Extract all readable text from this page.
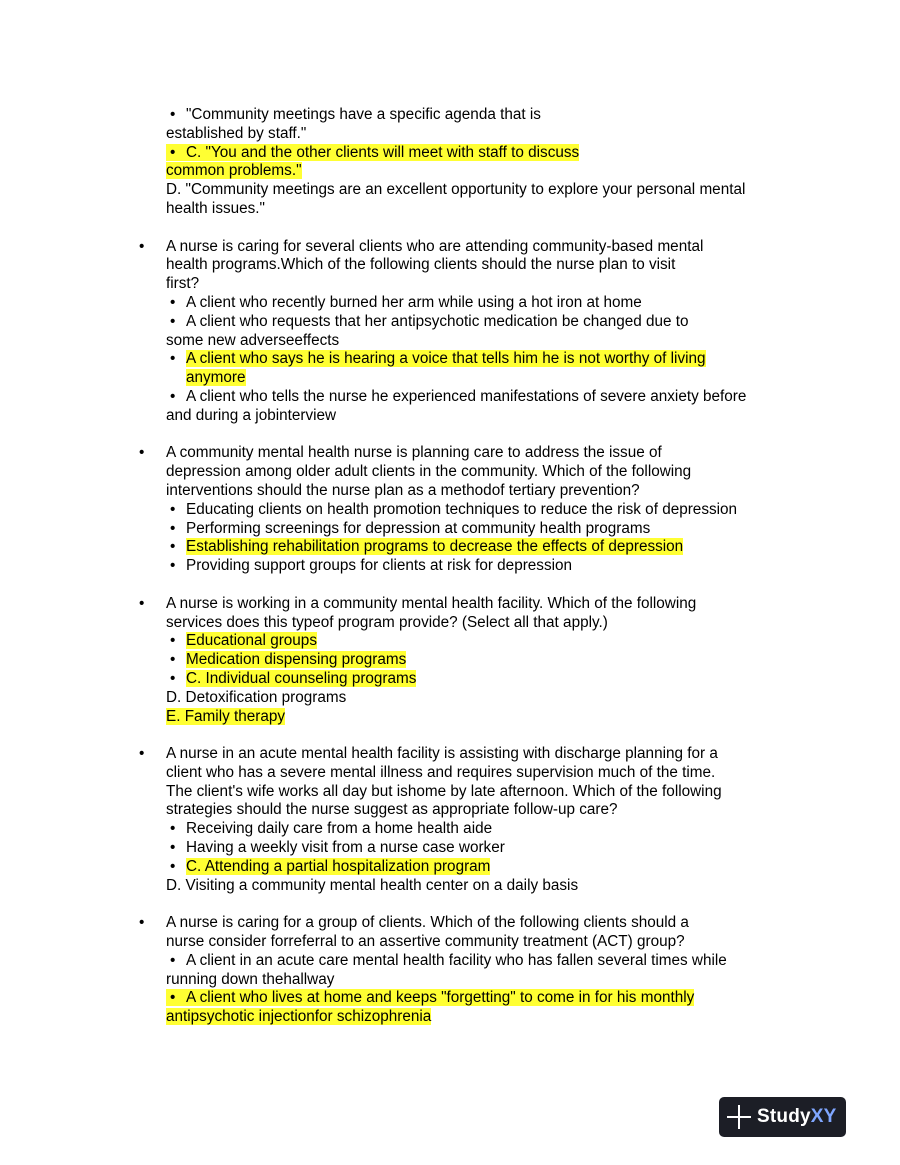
• "Community meetings have a specific agenda that is
established by staff."
• C. "You and the other clients will meet with staff to discuss
common problems."
D. "Community meetings are an excellent opportunity to explore your personal mental
health issues."
• A nurse is caring for several clients who are attending community-based mental
health programs.Which of the following clients should the nurse plan to visit
first?
• A client who recently burned her arm while using a hot iron at home
• A client who requests that her antipsychotic medication be changed due to
some new adverseeffects
• A client who says he is hearing a voice that tells him he is not worthy of living
anymore
• A client who tells the nurse he experienced manifestations of severe anxiety before
and during a jobinterview
• A community mental health nurse is planning care to address the issue of
depression among older adult clients in the community. Which of the following
interventions should the nurse plan as a methodof tertiary prevention?
• Educating clients on health promotion techniques to reduce the risk of depression
• Performing screenings for depression at community health programs
• Establishing rehabilitation programs to decrease the effects of depression
• Providing support groups for clients at risk for depression
• A nurse is working in a community mental health facility. Which of the following
services does this typeof program provide? (Select all that apply.)
• Educational groups
• Medication dispensing programs
• C. Individual counseling programs
D. Detoxification programs
E. Family therapy
• A nurse in an acute mental health facility is assisting with discharge planning for a
client who has a severe mental illness and requires supervision much of the time.
The client's wife works all day but ishome by late afternoon. Which of the following
strategies should the nurse suggest as appropriate follow-up care?
• Receiving daily care from a home health aide
• Having a weekly visit from a nurse case worker
• C. Attending a partial hospitalization program
D. Visiting a community mental health center on a daily basis
• A nurse is caring for a group of clients. Which of the following clients should a
nurse consider forreferral to an assertive community treatment (ACT) group?
• A client in an acute care mental health facility who has fallen several times while
running down thehallway
• A client who lives at home and keeps "forgetting" to come in for his monthly
antipsychotic injectionfor schizophrenia
StudyXY
